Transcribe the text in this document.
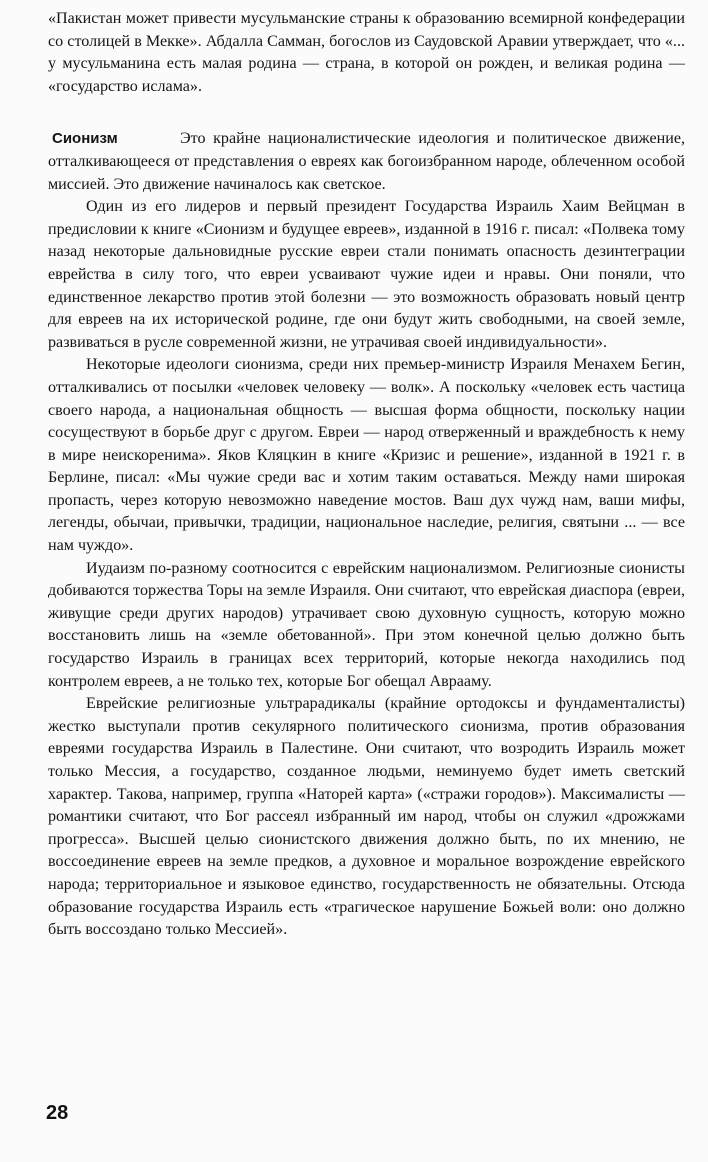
«Пакистан может привести мусульманские страны к образованию всемирной конфедерации со столицей в Мекке». Абдалла Самман, богослов из Саудовской Аравии утверждает, что «... у мусульманина есть малая родина — страна, в которой он рожден, и великая родина — «государство ислама».

Сионизм	Это крайне националистические идеология и политическое движение, отталкивающееся от представления о евреях как богоизбранном народе, облеченном особой миссией. Это движение начиналось как светское.

Один из его лидеров и первый президент Государства Израиль Хаим Вейцман в предисловии к книге «Сионизм и будущее евреев», изданной в 1916 г. писал: «Полвека тому назад некоторые дальновидные русские евреи стали понимать опасность дезинтеграции еврейства в силу того, что евреи усваивают чужие идеи и нравы. Они поняли, что единственное лекарство против этой болезни — это возможность образовать новый центр для евреев на их исторической родине, где они будут жить свободными, на своей земле, развиваться в русле современной жизни, не утрачивая своей индивидуальности».

Некоторые идеологи сионизма, среди них премьер-министр Израиля Менахем Бегин, отталкивались от посылки «человек человеку — волк». А поскольку «человек есть частица своего народа, а национальная общность — высшая форма общности, поскольку нации сосуществуют в борьбе друг с другом. Евреи — народ отверженный и враждебность к нему в мире неискоренима». Яков Кляцкин в книге «Кризис и решение», изданной в 1921 г. в Берлине, писал: «Мы чужие среди вас и хотим таким оставаться. Между нами широкая пропасть, через которую невозможно наведение мостов. Ваш дух чужд нам, ваши мифы, легенды, обычаи, привычки, традиции, национальное наследие, религия, святыни ... — все нам чуждо».

Иудаизм по-разному соотносится с еврейским национализмом. Религиозные сионисты добиваются торжества Торы на земле Израиля. Они считают, что еврейская диаспора (евреи, живущие среди других народов) утрачивает свою духовную сущность, которую можно восстановить лишь на «земле обетованной». При этом конечной целью должно быть государство Израиль в границах всех территорий, которые некогда находились под контролем евреев, а не только тех, которые Бог обещал Аврааму.

Еврейские религиозные ультрарадикалы (крайние ортодоксы и фундаменталисты) жестко выступали против секулярного политического сионизма, против образования евреями государства Израиль в Палестине. Они считают, что возродить Израиль может только Мессия, а государство, созданное людьми, неминуемо будет иметь светский характер. Такова, например, группа «Наторей карта» («стражи городов»). Максималисты — романтики считают, что Бог рассеял избранный им народ, чтобы он служил «дрожжами прогресса». Высшей целью сионистского движения должно быть, по их мнению, не воссоединение евреев на земле предков, а духовное и моральное возрождение еврейского народа; территориальное и языковое единство, государственность не обязательны. Отсюда образование государства Израиль есть «трагическое нарушение Божьей воли: оно должно быть воссоздано только Мессией».

28
